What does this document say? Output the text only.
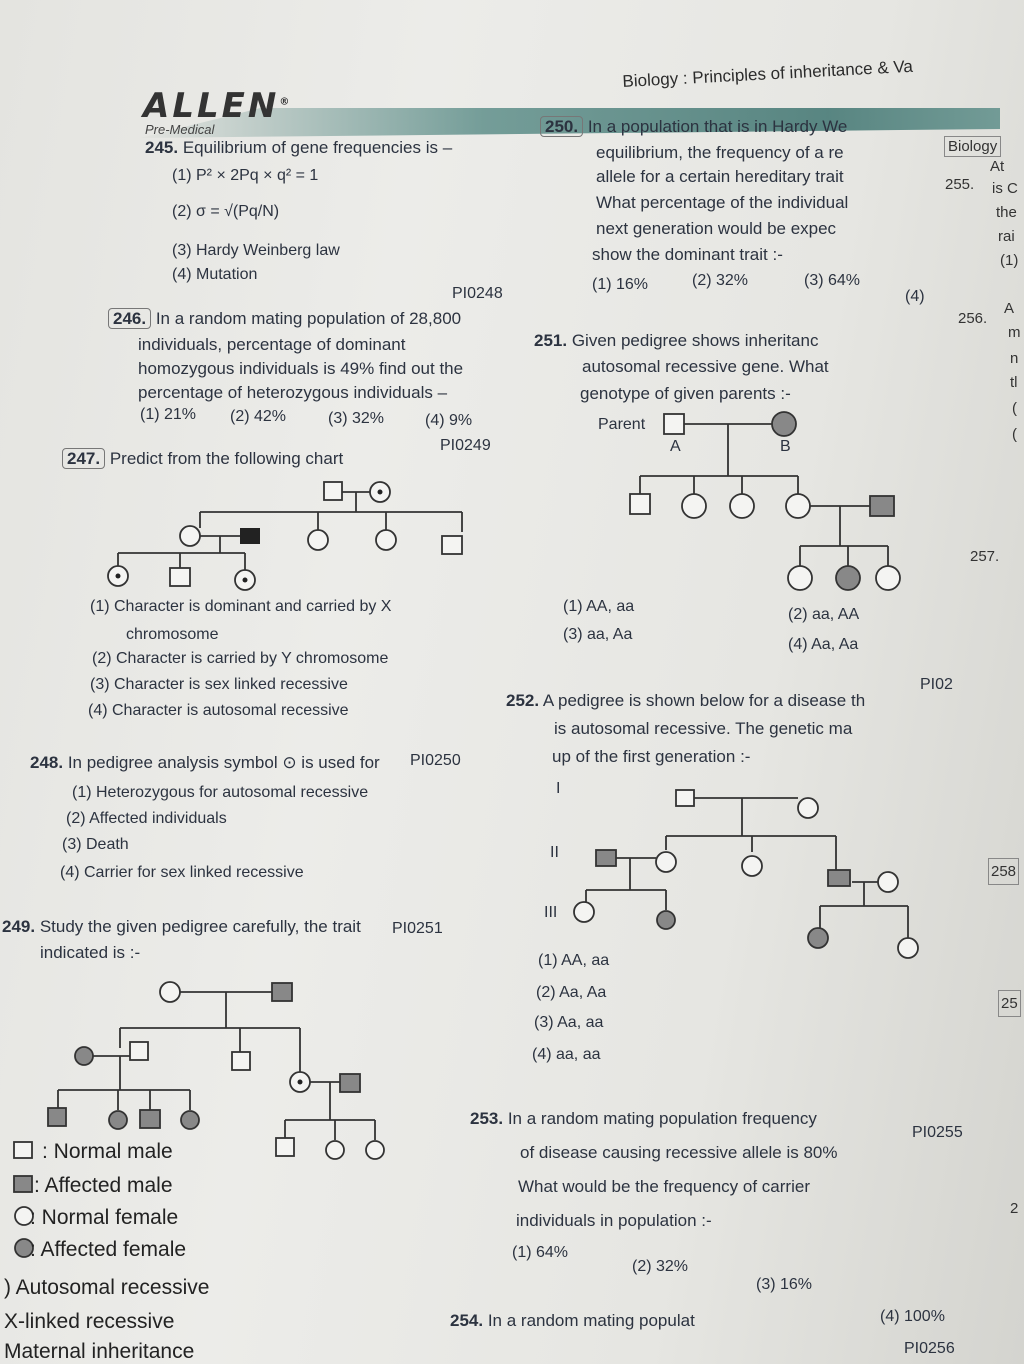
ALLEN®
Pre-Medical
Biology : Principles of inheritance & Va
245. Equilibrium of gene frequencies is –
(1) P² × 2Pq × q² = 1
(2) σ = √(Pq/N)
(3) Hardy Weinberg law
(4) Mutation
PI0248
246. In a random mating population of 28,800
individuals, percentage of dominant
homozygous individuals is 49% find out the
percentage of heterozygous individuals –
(1) 21% (2) 42%	(3) 32%	(4) 9%
PI0249
247. Predict from the following chart
(1) Character is dominant and carried by X
chromosome
(2) Character is carried by Y chromosome
(3) Character is sex linked recessive
(4) Character is autosomal recessive
248. In pedigree analysis symbol ⊙ is used for PI0250
(1) Heterozygous for autosomal recessive
(2) Affected individuals
(3) Death
(4) Carrier for sex linked recessive
249. Study the given pedigree carefully, the trait
indicated is :-
PI0251
: Normal male
: Affected male
: Normal female
: Affected female
) Autosomal recessive
X-linked recessive
Maternal inheritance
250. In a population that is in Hardy We
equilibrium, the frequency of a re
allele for a certain hereditary trait
What percentage of the individual
next generation would be expec
show the dominant trait :-
(1) 16%	(2) 32%	(3) 64%
(4)
251. Given pedigree shows inheritanc
autosomal recessive gene. What
genotype of given parents :-
Parent
A	B
(1) AA, aa	(2) aa, AA
(3) aa, Aa
(4) Aa, Aa
252. A pedigree is shown below for a disease th
PI02
is autosomal recessive. The genetic ma
up of the first generation :-
I
II
III
(1) AA, aa
(2) Aa, Aa
(3) Aa, aa
(4) aa, aa
253. In a random mating population frequency
PI0255
of disease causing recessive allele is 80%
What would be the frequency of carrier
individuals in population :-
(1) 64%
(2) 32%
(3) 16%
(4) 100%
254. In a random mating populat
PI0256
Biology
255.
At
is C
the
rai
(1)
256.
A
m
n
tl
(
(
257.
258
25
2
